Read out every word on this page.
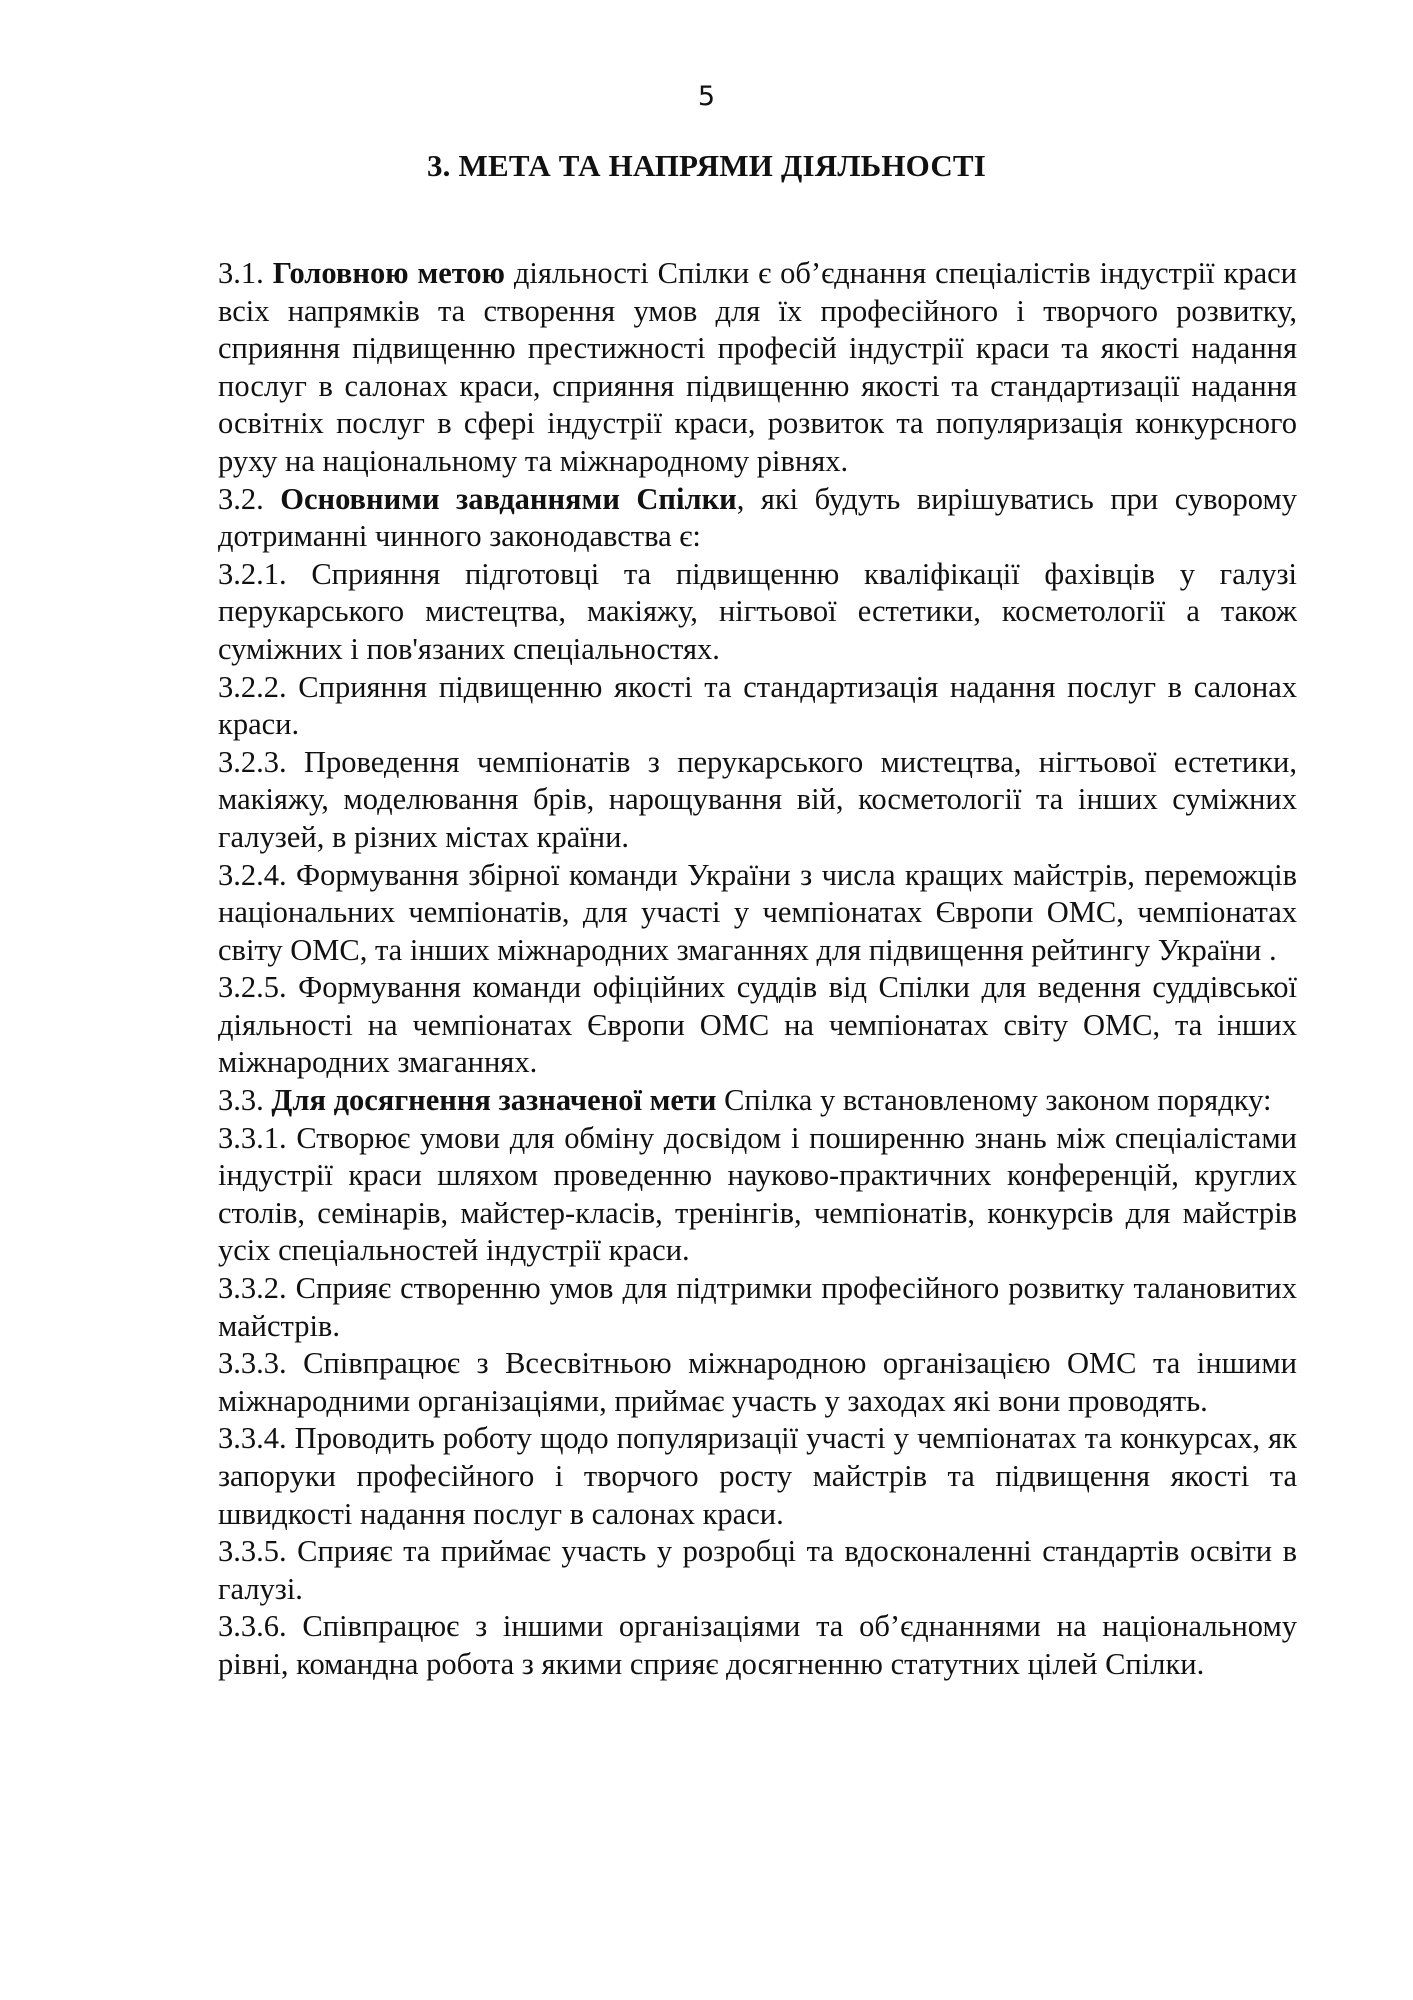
5
3. МЕТА ТА НАПРЯМИ ДІЯЛЬНОСТІ

3.1. Головною метою діяльності Спілки є об’єднання спеціалістів індустрії краси всіх напрямків та створення умов для їх професійного і творчого розвитку, сприяння підвищенню престижності професій індустрії краси та якості надання послуг в салонах краси, сприяння підвищенню якості та стандартизації надання освітніх послуг в сфері індустрії краси, розвиток та популяризація конкурсного руху на національному та міжнародному рівнях.

3.2. Основними завданнями Спілки, які будуть вирішуватись при суворому дотриманні чинного законодавства є:

3.2.1. Сприяння підготовці та підвищенню кваліфікації фахівців у галузі перукарського мистецтва, макіяжу, нігтьової естетики, косметології а також суміжних і пов'язаних спеціальностях.

3.2.2. Сприяння підвищенню якості та стандартизація надання послуг в салонах краси.

3.2.3. Проведення чемпіонатів з перукарського мистецтва, нігтьової естетики, макіяжу, моделювання брів, нарощування вій, косметології та інших суміжних галузей, в різних містах країни.

3.2.4. Формування збірної команди України з числа кращих майстрів, переможців національних чемпіонатів, для участі у чемпіонатах Європи ОМС, чемпіонатах світу ОМС, та інших міжнародних змаганнях для підвищення рейтингу України .

3.2.5. Формування команди офіційних суддів від Спілки для ведення суддівської діяльності на чемпіонатах Європи ОМС на чемпіонатах світу ОМС, та інших міжнародних змаганнях.

3.3. Для досягнення зазначеної мети Спілка у встановленому законом порядку:

3.3.1. Створює умови для обміну досвідом і поширенню знань між спеціалістами індустрії краси шляхом проведенню науково-практичних конференцій, круглих столів, семінарів, майстер-класів, тренінгів, чемпіонатів, конкурсів для майстрів усіх спеціальностей індустрії краси.

3.3.2. Сприяє створенню умов для підтримки професійного розвитку талановитих майстрів.

3.3.3. Співпрацює з Всесвітньою міжнародною організацією ОМС та іншими міжнародними організаціями, приймає участь у заходах які вони проводять.

3.3.4. Проводить роботу щодо популяризації участі у чемпіонатах та конкурсах, як запоруки професійного і творчого росту майстрів та підвищення якості та швидкості надання послуг в салонах краси.

3.3.5. Сприяє та приймає участь у розробці та вдосконаленні стандартів освіти в галузі.

3.3.6. Співпрацює з іншими організаціями та об’єднаннями на національному рівні, командна робота з якими сприяє досягненню статутних цілей Спілки.
